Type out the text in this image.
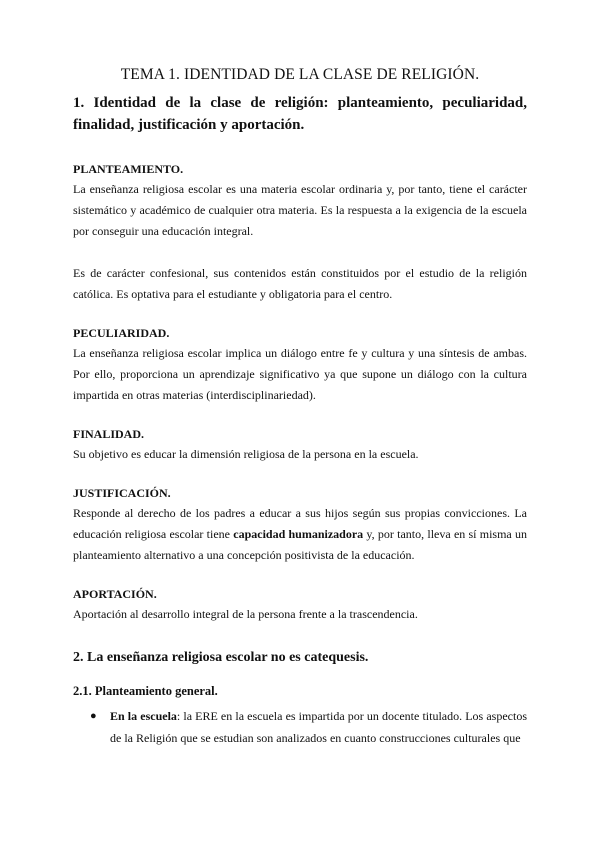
TEMA 1. IDENTIDAD DE LA CLASE DE RELIGIÓN.
1. Identidad de la clase de religión: planteamiento, peculiaridad, finalidad, justificación y aportación.
PLANTEAMIENTO.

La enseñanza religiosa escolar es una materia escolar ordinaria y, por tanto, tiene el carácter sistemático y académico de cualquier otra materia. Es la respuesta a la exigencia de la escuela por conseguir una educación integral.

Es de carácter confesional, sus contenidos están constituidos por el estudio de la religión católica. Es optativa para el estudiante y obligatoria para el centro.

PECULIARIDAD.

La enseñanza religiosa escolar implica un diálogo entre fe y cultura y una síntesis de ambas. Por ello, proporciona un aprendizaje significativo ya que supone un diálogo con la cultura impartida en otras materias (interdisciplinariedad).

FINALIDAD.

Su objetivo es educar la dimensión religiosa de la persona en la escuela.

JUSTIFICACIÓN.

Responde al derecho de los padres a educar a sus hijos según sus propias convicciones. La educación religiosa escolar tiene capacidad humanizadora y, por tanto, lleva en sí misma un planteamiento alternativo a una concepción positivista de la educación.

APORTACIÓN.

Aportación al desarrollo integral de la persona frente a la trascendencia.

2. La enseñanza religiosa escolar no es catequesis.
2.1. Planteamiento general.
● En la escuela: la ERE en la escuela es impartida por un docente titulado. Los aspectos de la Religión que se estudian son analizados en cuanto construcciones culturales que
